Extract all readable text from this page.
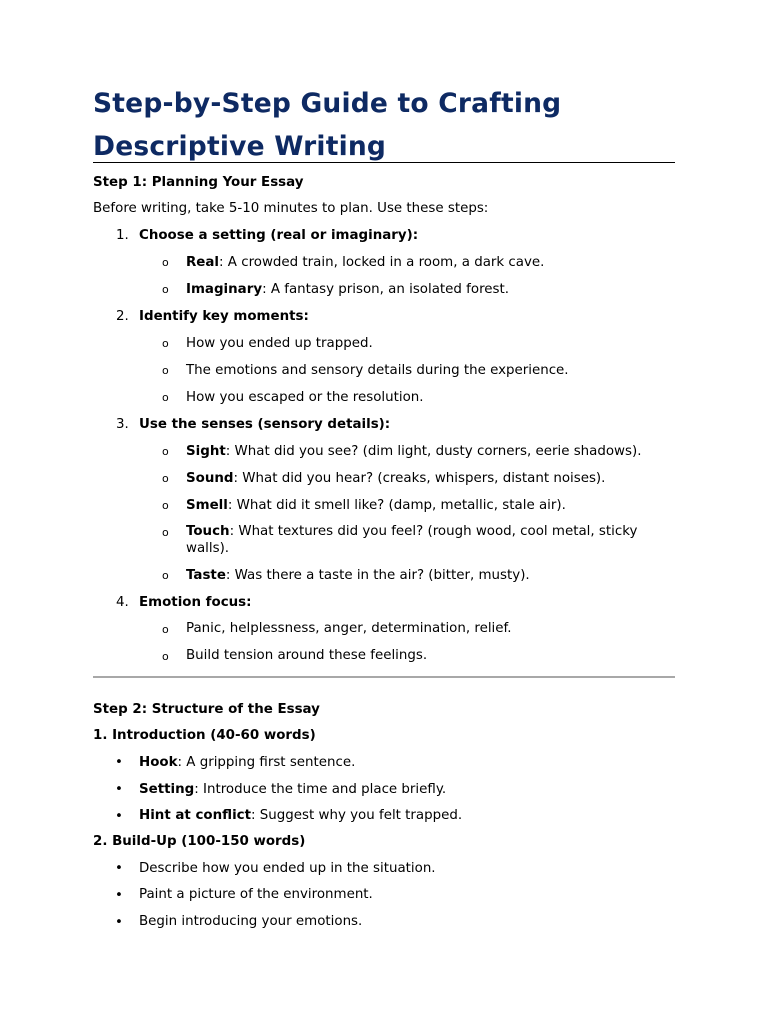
Step-by-Step Guide to Crafting Descriptive Writing

Step 1: Planning Your Essay

Before writing, take 5-10 minutes to plan. Use these steps:

1. Choose a setting (real or imaginary):

o Real: A crowded train, locked in a room, a dark cave.

o Imaginary: A fantasy prison, an isolated forest.

2. Identify key moments:

o How you ended up trapped.

o The emotions and sensory details during the experience.

o How you escaped or the resolution.

3. Use the senses (sensory details):

o Sight: What did you see? (dim light, dusty corners, eerie shadows).

o Sound: What did you hear? (creaks, whispers, distant noises).

o Smell: What did it smell like? (damp, metallic, stale air).

o Touch: What textures did you feel? (rough wood, cool metal, sticky walls).

o Taste: Was there a taste in the air? (bitter, musty).

4. Emotion focus:

o Panic, helplessness, anger, determination, relief.

o Build tension around these feelings.

Step 2: Structure of the Essay

1. Introduction (40-60 words)

• Hook: A gripping first sentence.

• Setting: Introduce the time and place briefly.

• Hint at conflict: Suggest why you felt trapped.

2. Build-Up (100-150 words)

• Describe how you ended up in the situation.

• Paint a picture of the environment.

• Begin introducing your emotions.
